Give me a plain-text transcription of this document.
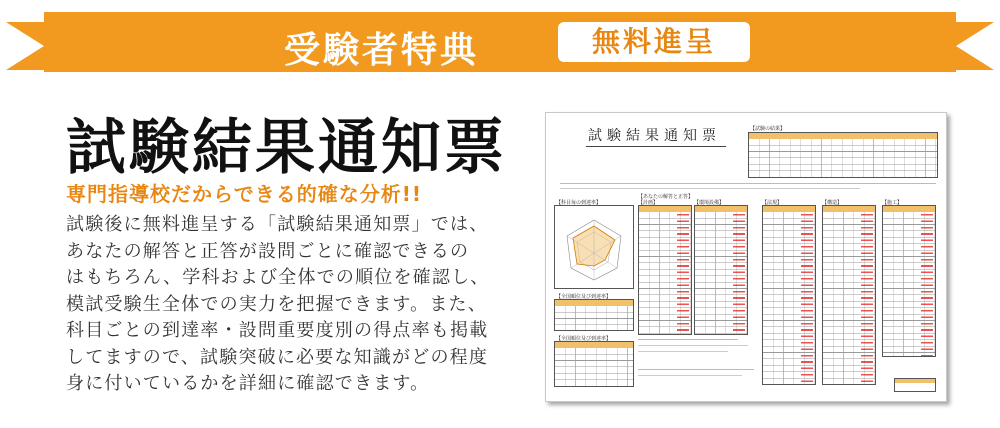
受験者特典	無料進呈
試験結果通知票
専門指導校だからできる的確な分析!!
試験後に無料進呈する「試験結果通知票」では、
あなたの解答と正答が設問ごとに確認できるの
はもちろん、学科および全体での順位を確認し、
模試受験生全体での実力を把握できます。また、
科目ごとの到達率・設問重要度別の得点率も掲載
してますので、試験突破に必要な知識がどの程度
身に付いているかを詳細に確認できます。
試験結果通知票	【試験の結果】
【科目毎の到達率】
【全国順位及び到達率】
【全国順位及び到達率】
【あなたの解答と正答】
【計画】	【環境設備】	【法規】	【構造】	【施工】
